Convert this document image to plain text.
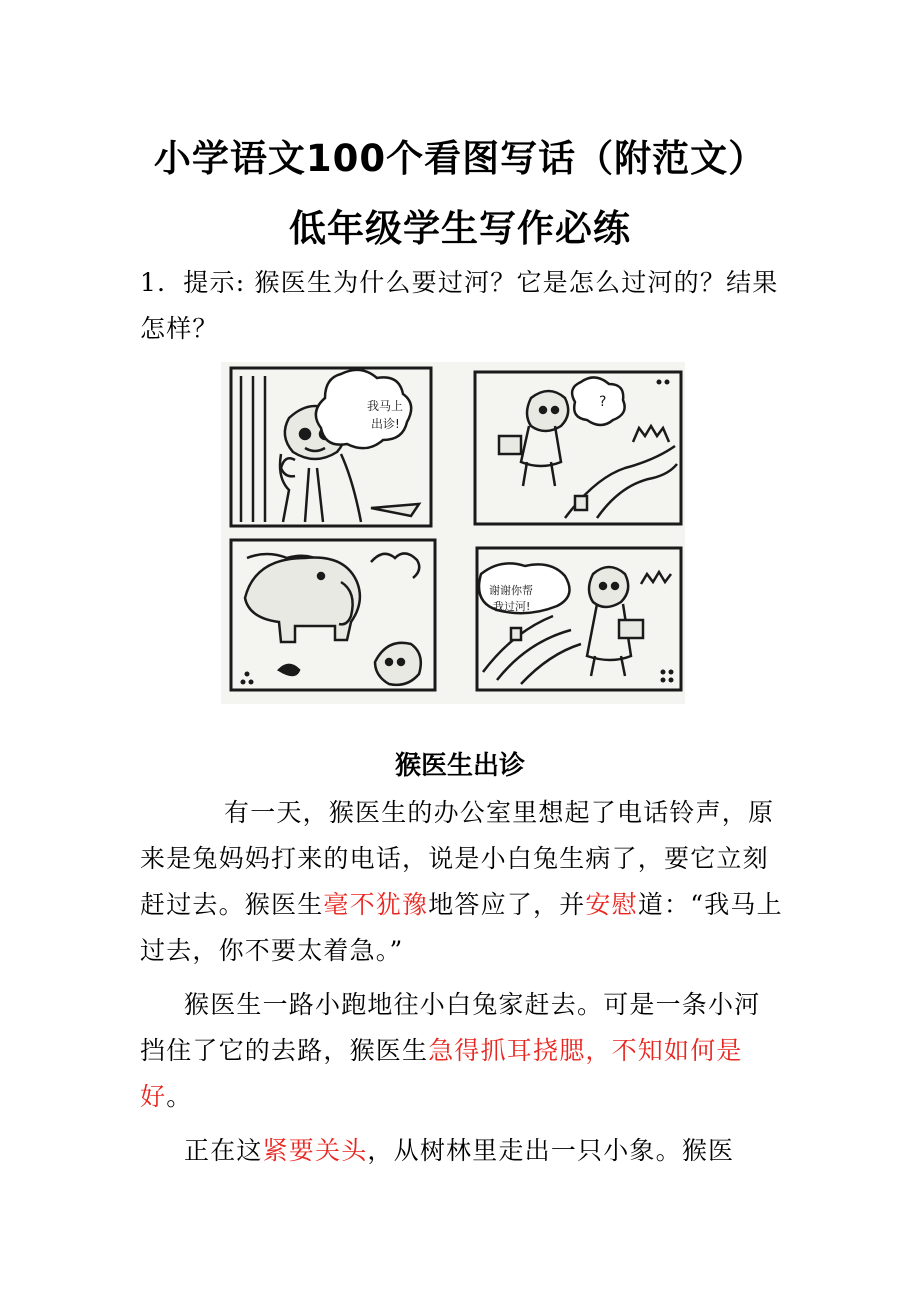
小学语文100个看图写话（附范文）
低年级学生写作必练
1．提示: 猴医生为什么要过河？它是怎么过河的？结果怎样？
我马上
出诊!
?
谢谢你帮
我过河!
猴医生出诊

有一天，猴医生的办公室里想起了电话铃声，原来是兔妈妈打来的电话，说是小白兔生病了，要它立刻赶过去。猴医生毫不犹豫地答应了，并安慰道：“我马上过去，你不要太着急。”

猴医生一路小跑地往小白兔家赶去。可是一条小河挡住了它的去路，猴医生急得抓耳挠腮，不知如何是好。

正在这紧要关头，从树林里走出一只小象。猴医
